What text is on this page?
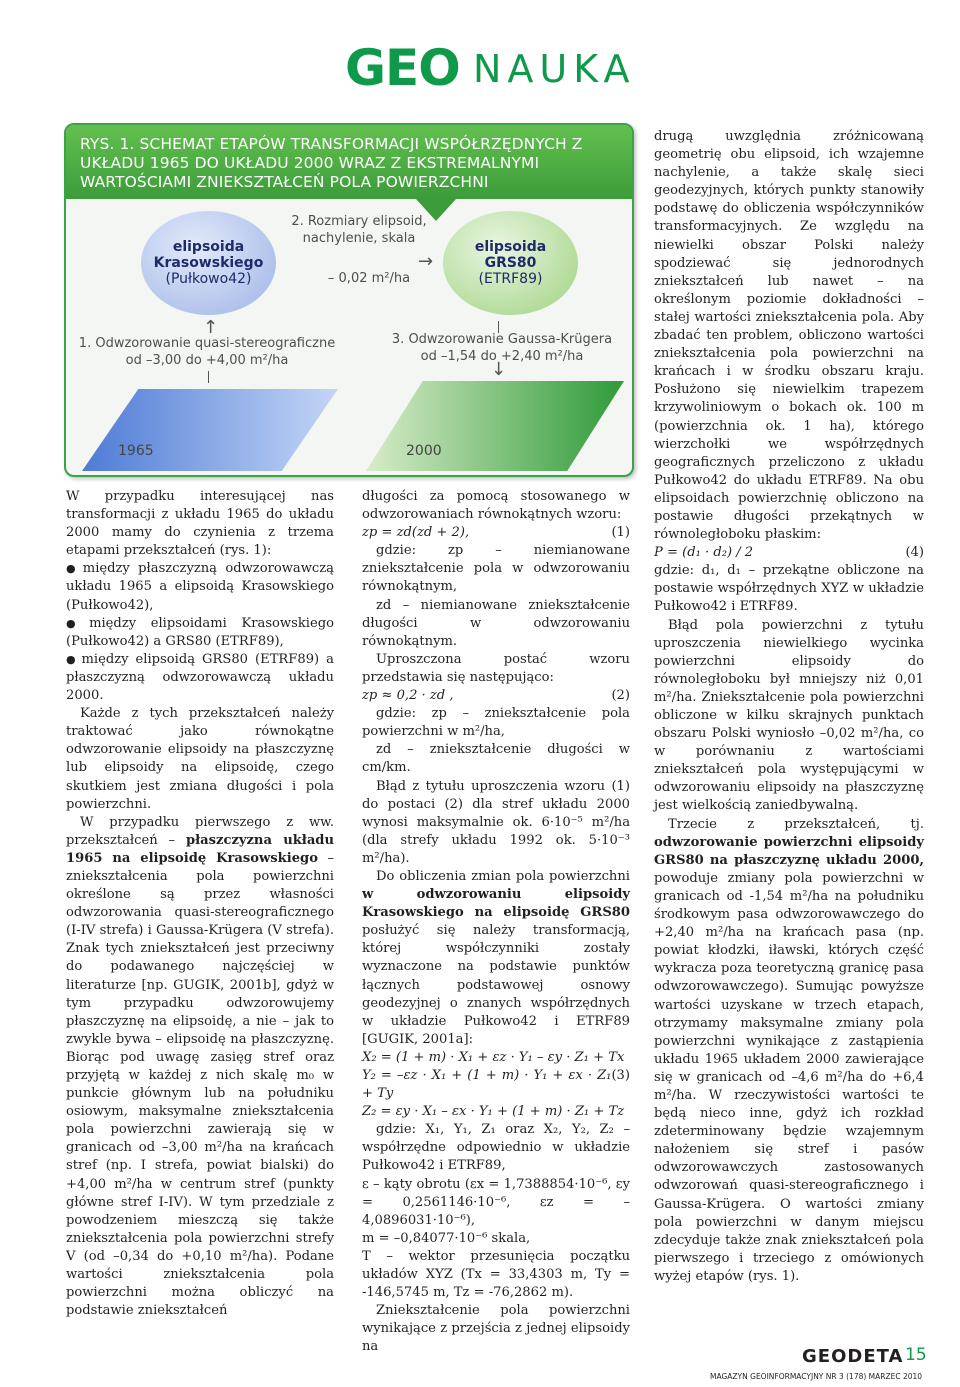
GEO NAUKA
RYS. 1. SCHEMAT ETAPÓW TRANSFORMACJI WSPÓŁRZĘDNYCH Z UKŁADU 1965 DO UKŁADU 2000 WRAZ Z EKSTREMALNYMI WARTOŚCIAMI ZNIEKSZTAŁCEŃ POLA POWIERZCHNI
elipsoida
Krasowskiego
(Pułkowo42)
elipsoida
GRS80
(ETRF89)
2. Rozmiary elipsoid,
nachylenie, skala
– 0,02 m²/ha
→
↑
1. Odwzorowanie quasi-stereograficzne
od –3,00 do +4,00 m²/ha
3. Odwzorowanie Gaussa-Krügera
od –1,54 do +2,40 m²/ha
↓
1965	2000

W przypadku interesującej nas transformacji z układu 1965 do układu 2000 mamy do czynienia z trzema etapami przekształceń (rys. 1):

● między płaszczyzną odwzorowawczą układu 1965 a elipsoidą Krasowskiego (Pułkowo42),

● między elipsoidami Krasowskiego (Pułkowo42) a GRS80 (ETRF89),

● między elipsoidą GRS80 (ETRF89) a płaszczyzną odwzorowawczą układu 2000.

Każde z tych przekształceń należy traktować jako równokątne odwzorowanie elipsoidy na płaszczyznę lub elipsoidy na elipsoidę, czego skutkiem jest zmiana długości i pola powierzchni.

W przypadku pierwszego z ww. przekształceń – płaszczyzna układu 1965 na elipsoidę Krasowskiego – zniekształcenia pola powierzchni określone są przez własności odwzorowania quasi-stereograficznego (I-IV strefa) i Gaussa-Krügera (V strefa). Znak tych zniekształceń jest przeciwny do podawanego najczęściej w literaturze [np. GUGIK, 2001b], gdyż w tym przypadku odwzorowujemy płaszczyznę na elipsoidę, a nie – jak to zwykle bywa – elipsoidę na płaszczyznę. Biorąc pod uwagę zasięg stref oraz przyjętą w każdej z nich skalę m₀ w punkcie głównym lub na południku osiowym, maksymalne zniekształcenia pola powierzchni zawierają się w granicach od –3,00 m²/ha na krańcach stref (np. I strefa, powiat bialski) do +4,00 m²/ha w centrum stref (punkty główne stref I-IV). W tym przedziale z powodzeniem mieszczą się także zniekształcenia pola powierzchni strefy V (od –0,34 do +0,10 m²/ha). Podane wartości zniekształcenia pola powierzchni można obliczyć na podstawie zniekształceń

długości za pomocą stosowanego w odwzorowaniach równokątnych wzoru:

zp = zd(zd + 2),	(1)

gdzie: zp – niemianowane zniekształcenie pola w odwzorowaniu równokątnym,

zd – niemianowane zniekształcenie długości w odwzorowaniu równokątnym.

Uproszczona postać wzoru przedstawia się następująco:

zp ≈ 0,2 · zd ,	(2)

gdzie: zp – zniekształcenie pola powierzchni w m²/ha,

zd – zniekształcenie długości w cm/km.

Błąd z tytułu uproszczenia wzoru (1) do postaci (2) dla stref układu 2000 wynosi maksymalnie ok. 6·10⁻⁵ m²/ha (dla strefy układu 1992 ok. 5·10⁻³ m²/ha).

Do obliczenia zmian pola powierzchni w odwzorowaniu elipsoidy Krasowskiego na elipsoidę GRS80 posłużyć się należy transformacją, której współczynniki zostały wyznaczone na podstawie punktów łącznych podstawowej osnowy geodezyjnej o znanych współrzędnych w układzie Pułkowo42 i ETRF89 [GUGIK, 2001a]:

X₂ = (1 + m) · X₁ + εz · Y₁ – εy · Z₁ + Tx

Y₂ = –εz · X₁ + (1 + m) · Y₁ + εx · Z₁ + Ty
(3)

Z₂ = εy · X₁ – εx · Y₁ + (1 + m) · Z₁ + Tz

gdzie: X₁, Y₁, Z₁ oraz X₂, Y₂, Z₂ – współrzędne odpowiednio w układzie Pułkowo42 i ETRF89,

ε – kąty obrotu (εx = 1,7388854·10⁻⁶, εy = 0,2561146·10⁻⁶, εz = –4,0896031·10⁻⁶),

m = –0,84077·10⁻⁶ skala,

T – wektor przesunięcia początku układów XYZ (Tx = 33,4303 m, Ty = -146,5745 m, Tz = -76,2862 m).

Zniekształcenie pola powierzchni wynikające z przejścia z jednej elipsoidy na

drugą uwzględnia zróżnicowaną geometrię obu elipsoid, ich wzajemne nachylenie, a także skalę sieci geodezyjnych, których punkty stanowiły podstawę do obliczenia współczynników transformacyjnych. Ze względu na niewielki obszar Polski należy spodziewać się jednorodnych zniekształceń lub nawet – na określonym poziomie dokładności – stałej wartości zniekształcenia pola. Aby zbadać ten problem, obliczono wartości zniekształcenia pola powierzchni na krańcach i w środku obszaru kraju. Posłużono się niewielkim trapezem krzywoliniowym o bokach ok. 100 m (powierzchnia ok. 1 ha), którego wierzchołki we współrzędnych geograficznych przeliczono z układu Pułkowo42 do układu ETRF89. Na obu elipsoidach powierzchnię obliczono na postawie długości przekątnych w równoległoboku płaskim:

P = (d₁ · d₂) / 2	(4)

gdzie: d₁, d₁ – przekątne obliczone na postawie współrzędnych XYZ w układzie Pułkowo42 i ETRF89.

Błąd pola powierzchni z tytułu uproszczenia niewielkiego wycinka powierzchni elipsoidy do równoległoboku był mniejszy niż 0,01 m²/ha. Zniekształcenie pola powierzchni obliczone w kilku skrajnych punktach obszaru Polski wyniosło –0,02 m²/ha, co w porównaniu z wartościami zniekształceń pola występującymi w odwzorowaniu elipsoidy na płaszczyznę jest wielkością zaniedbywalną.

Trzecie z przekształceń, tj. odwzorowanie powierzchni elipsoidy GRS80 na płaszczyznę układu 2000, powoduje zmiany pola powierzchni w granicach od -1,54 m²/ha na południku środkowym pasa odwzorowawczego do +2,40 m²/ha na krańcach pasa (np. powiat kłodzki, iławski, których część wykracza poza teoretyczną granicę pasa odwzorowawczego). Sumując powyższe wartości uzyskane w trzech etapach, otrzymamy maksymalne zmiany pola powierzchni wynikające z zastąpienia układu 1965 układem 2000 zawierające się w granicach od –4,6 m²/ha do +6,4 m²/ha. W rzeczywistości wartości te będą nieco inne, gdyż ich rozkład zdeterminowany będzie wzajemnym nałożeniem się stref i pasów odwzorowawczych zastosowanych odwzorowań quasi-stereograficznego i Gaussa-Krügera. O wartości zmiany pola powierzchni w danym miejscu zdecyduje także znak zniekształceń pola pierwszego i trzeciego z omówionych wyżej etapów (rys. 1).

GEODETA 15
MAGAZYN GEOINFORMACYJNY NR 3 (178) MARZEC 2010
